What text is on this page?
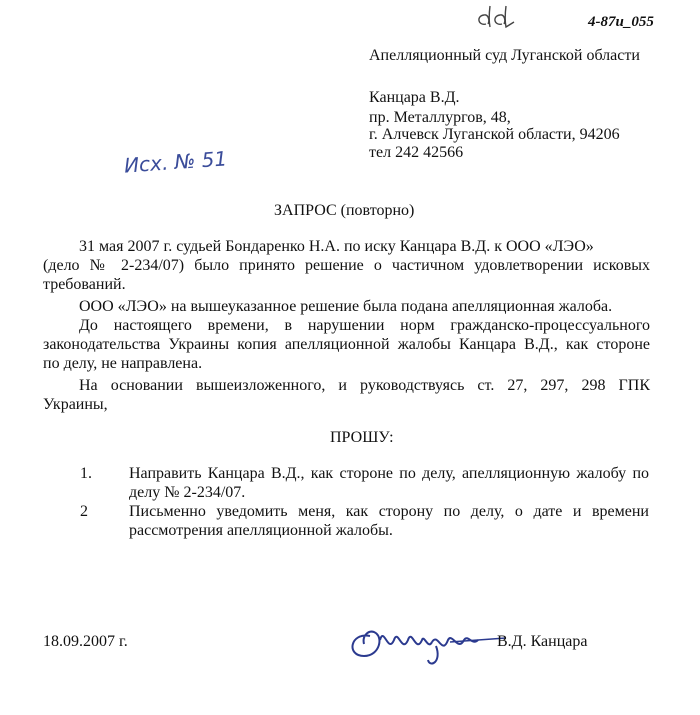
4-87и_055
Апелляционный суд Луганской области
Канцара В.Д.
пр. Металлургов, 48,
г. Алчевск Луганской области, 94206
тел 242 42566
Исх. № 51
ЗАПРОС (повторно)
31 мая 2007 г. судьей Бондаренко Н.А. по иску Канцара В.Д. к ООО «ЛЭО»
(дело № 2-234/07) было принято решение о частичном удовлетворении исковых
требований.
ООО «ЛЭО» на вышеуказанное решение была подана апелляционная жалоба.
До настоящего времени, в нарушении норм гражданско-процессуального
законодательства Украины копия апелляционной жалобы Канцара В.Д., как стороне
по делу, не направлена.
На основании вышеизложенного, и руководствуясь ст. 27, 297, 298 ГПК
Украины,
ПРОШУ:
1. Направить Канцара В.Д., как стороне по делу, апелляционную жалобу по
делу № 2-234/07.
2	Письменно уведомить меня, как сторону по делу, о дате и времени
рассмотрения апелляционной жалобы.
18.09.2007 г.	В.Д. Канцара
